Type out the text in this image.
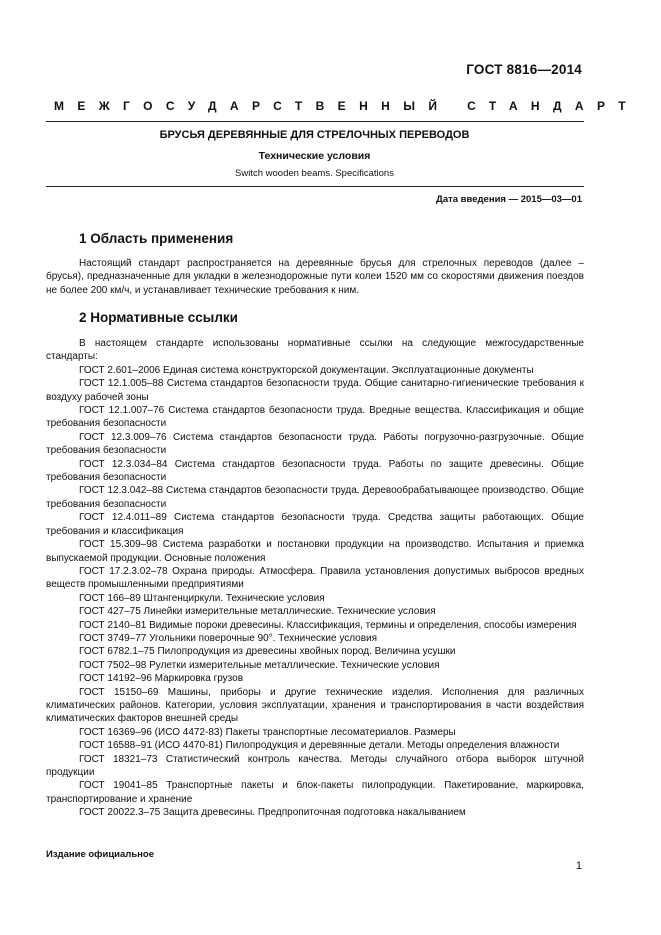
ГОСТ 8816—2014
МЕЖГОСУДАРСТВЕННЫЙ СТАНДАРТ
БРУСЬЯ ДЕРЕВЯННЫЕ ДЛЯ СТРЕЛОЧНЫХ ПЕРЕВОДОВ
Технические условия
Switch wooden beams. Specifications
Дата введения — 2015—03—01
1 Область применения

Настоящий стандарт распространяется на деревянные брусья для стрелочных переводов (далее – брусья), предназначенные для укладки в железнодорожные пути колеи 1520 мм со скоростями движения поездов не более 200 км/ч, и устанавливает технические требования к ним.

2 Нормативные ссылки

В настоящем стандарте использованы нормативные ссылки на следующие межгосударственные стандарты:

ГОСТ 2.601–2006 Единая система конструкторской документации. Эксплуатационные документы

ГОСТ 12.1.005–88 Система стандартов безопасности труда. Общие санитарно-гигиенические требования к воздуху рабочей зоны

ГОСТ 12.1.007–76 Система стандартов безопасности труда. Вредные вещества. Классификация и общие требования безопасности

ГОСТ 12.3.009–76 Система стандартов безопасности труда. Работы погрузочно-разгрузочные. Общие требования безопасности

ГОСТ 12.3.034–84 Система стандартов безопасности труда. Работы по защите древесины. Общие требования безопасности

ГОСТ 12.3.042–88 Система стандартов безопасности труда. Деревообрабатывающее производство. Общие требования безопасности

ГОСТ 12.4.011–89 Система стандартов безопасности труда. Средства защиты работающих. Общие требования и классификация

ГОСТ 15.309–98 Система разработки и постановки продукции на производство. Испытания и приемка выпускаемой продукции. Основные положения

ГОСТ 17.2.3.02–78 Охрана природы. Атмосфера. Правила установления допустимых выбросов вредных веществ промышленными предприятиями

ГОСТ 166–89 Штангенциркули. Технические условия

ГОСТ 427–75 Линейки измерительные металлические. Технические условия

ГОСТ 2140–81 Видимые пороки древесины. Классификация, термины и определения, способы измерения

ГОСТ 3749–77 Угольники поверочные 90°. Технические условия

ГОСТ 6782.1–75 Пилопродукция из древесины хвойных пород. Величина усушки

ГОСТ 7502–98 Рулетки измерительные металлические. Технические условия

ГОСТ 14192–96 Маркировка грузов

ГОСТ 15150–69 Машины, приборы и другие технические изделия. Исполнения для различных климатических районов. Категории, условия эксплуатации, хранения и транспортирования в части воздействия климатических факторов внешней среды

ГОСТ 16369–96 (ИСО 4472-83) Пакеты транспортные лесоматериалов. Размеры

ГОСТ 16588–91 (ИСО 4470-81) Пилопродукция и деревянные детали. Методы определения влажности

ГОСТ 18321–73 Статистический контроль качества. Методы случайного отбора выборок штучной продукции

ГОСТ 19041–85 Транспортные пакеты и блок-пакеты пилопродукции. Пакетирование, маркировка, транспортирование и хранение

ГОСТ 20022.3–75 Защита древесины. Предпропиточная подготовка накалыванием

Издание официальное
1
